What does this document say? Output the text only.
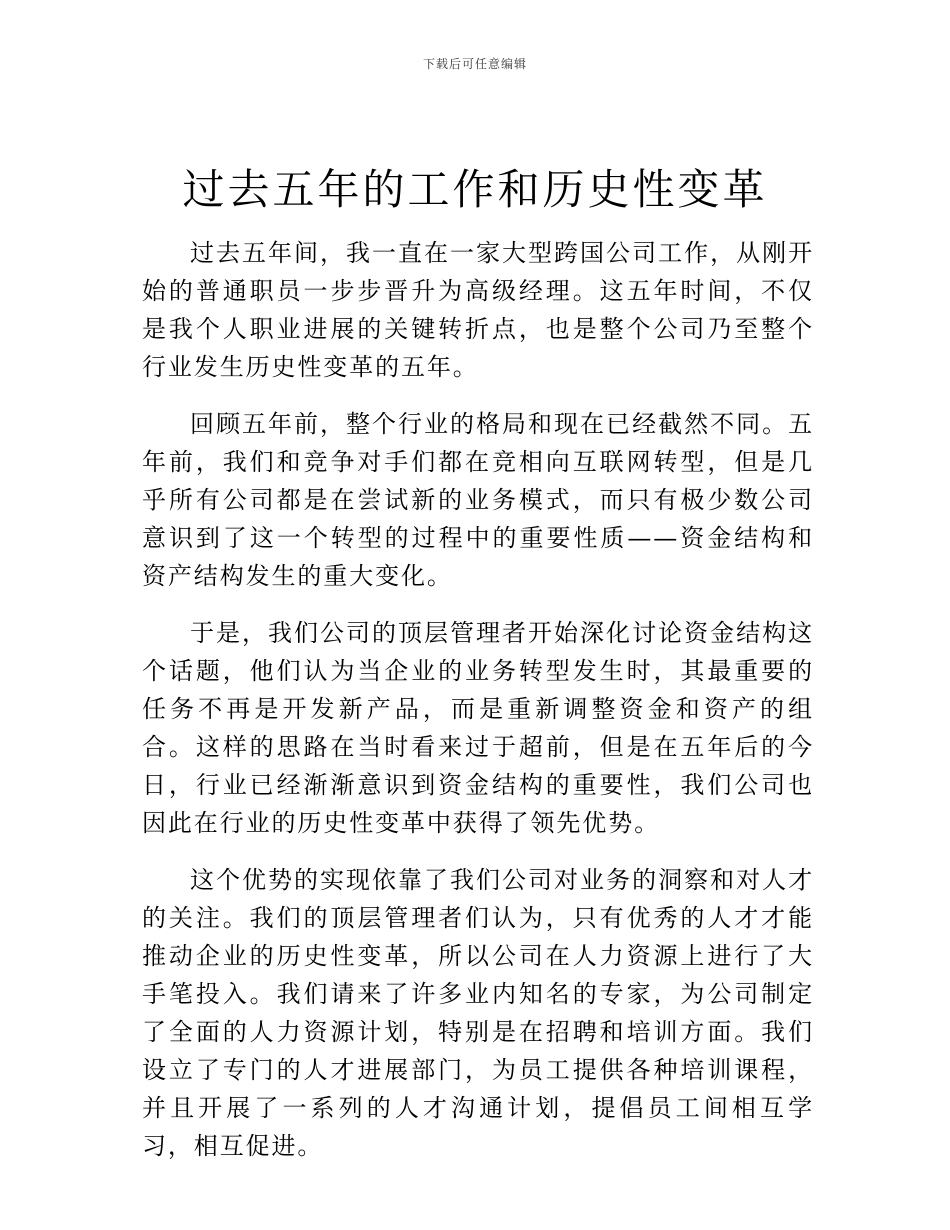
下载后可任意编辑
过去五年的工作和历史性变革

过去五年间，我一直在一家大型跨国公司工作，从刚开始的普通职员一步步晋升为高级经理。这五年时间，不仅是我个人职业进展的关键转折点，也是整个公司乃至整个行业发生历史性变革的五年。

回顾五年前，整个行业的格局和现在已经截然不同。五年前，我们和竞争对手们都在竞相向互联网转型，但是几乎所有公司都是在尝试新的业务模式，而只有极少数公司意识到了这一个转型的过程中的重要性质——资金结构和资产结构发生的重大变化。

于是，我们公司的顶层管理者开始深化讨论资金结构这个话题，他们认为当企业的业务转型发生时，其最重要的任务不再是开发新产品，而是重新调整资金和资产的组合。这样的思路在当时看来过于超前，但是在五年后的今日，行业已经渐渐意识到资金结构的重要性，我们公司也因此在行业的历史性变革中获得了领先优势。

这个优势的实现依靠了我们公司对业务的洞察和对人才的关注。我们的顶层管理者们认为，只有优秀的人才才能推动企业的历史性变革，所以公司在人力资源上进行了大手笔投入。我们请来了许多业内知名的专家，为公司制定了全面的人力资源计划，特别是在招聘和培训方面。我们设立了专门的人才进展部门，为员工提供各种培训课程，并且开展了一系列的人才沟通计划，提倡员工间相互学习，相互促进。
